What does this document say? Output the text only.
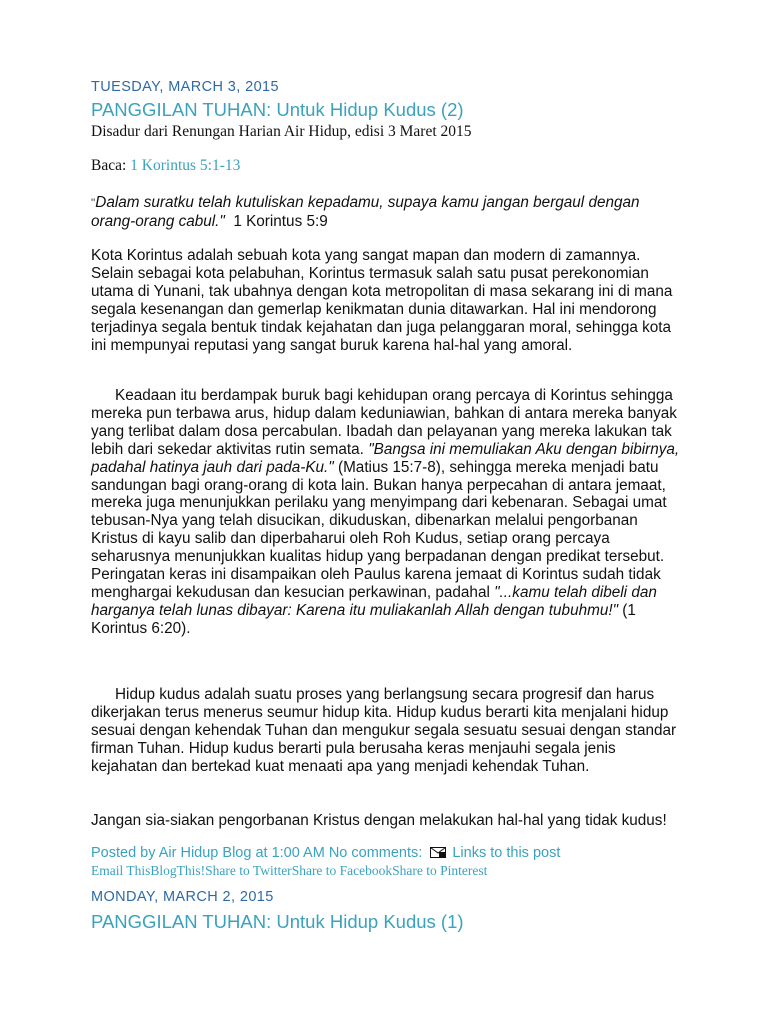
TUESDAY, MARCH 3, 2015
PANGGILAN TUHAN: Untuk Hidup Kudus (2)
Disadur dari Renungan Harian Air Hidup, edisi 3 Maret 2015
Baca: 1 Korintus 5:1-13

"Dalam suratku telah kutuliskan kepadamu, supaya kamu jangan bergaul dengan orang-orang cabul." 1 Korintus 5:9

Kota Korintus adalah sebuah kota yang sangat mapan dan modern di zamannya. Selain sebagai kota pelabuhan, Korintus termasuk salah satu pusat perekonomian utama di Yunani, tak ubahnya dengan kota metropolitan di masa sekarang ini di mana segala kesenangan dan gemerlap kenikmatan dunia ditawarkan. Hal ini mendorong terjadinya segala bentuk tindak kejahatan dan juga pelanggaran moral, sehingga kota ini mempunyai reputasi yang sangat buruk karena hal-hal yang amoral.

Keadaan itu berdampak buruk bagi kehidupan orang percaya di Korintus sehingga mereka pun terbawa arus, hidup dalam keduniawian, bahkan di antara mereka banyak yang terlibat dalam dosa percabulan. Ibadah dan pelayanan yang mereka lakukan tak lebih dari sekedar aktivitas rutin semata. "Bangsa ini memuliakan Aku dengan bibirnya, padahal hatinya jauh dari pada-Ku." (Matius 15:7-8), sehingga mereka menjadi batu sandungan bagi orang-orang di kota lain. Bukan hanya perpecahan di antara jemaat, mereka juga menunjukkan perilaku yang menyimpang dari kebenaran. Sebagai umat tebusan-Nya yang telah disucikan, dikuduskan, dibenarkan melalui pengorbanan Kristus di kayu salib dan diperbaharui oleh Roh Kudus, setiap orang percaya seharusnya menunjukkan kualitas hidup yang berpadanan dengan predikat tersebut. Peringatan keras ini disampaikan oleh Paulus karena jemaat di Korintus sudah tidak menghargai kekudusan dan kesucian perkawinan, padahal "...kamu telah dibeli dan harganya telah lunas dibayar: Karena itu muliakanlah Allah dengan tubuhmu!" (1 Korintus 6:20).

Hidup kudus adalah suatu proses yang berlangsung secara progresif dan harus dikerjakan terus menerus seumur hidup kita. Hidup kudus berarti kita menjalani hidup sesuai dengan kehendak Tuhan dan mengukur segala sesuatu sesuai dengan standar firman Tuhan. Hidup kudus berarti pula berusaha keras menjauhi segala jenis kejahatan dan bertekad kuat menaati apa yang menjadi kehendak Tuhan.

Jangan sia-siakan pengorbanan Kristus dengan melakukan hal-hal yang tidak kudus!

Posted by Air Hidup Blog at 1:00 AM No comments: Links to this post
Email ThisBlogThis!Share to TwitterShare to FacebookShare to Pinterest
MONDAY, MARCH 2, 2015
PANGGILAN TUHAN: Untuk Hidup Kudus (1)
